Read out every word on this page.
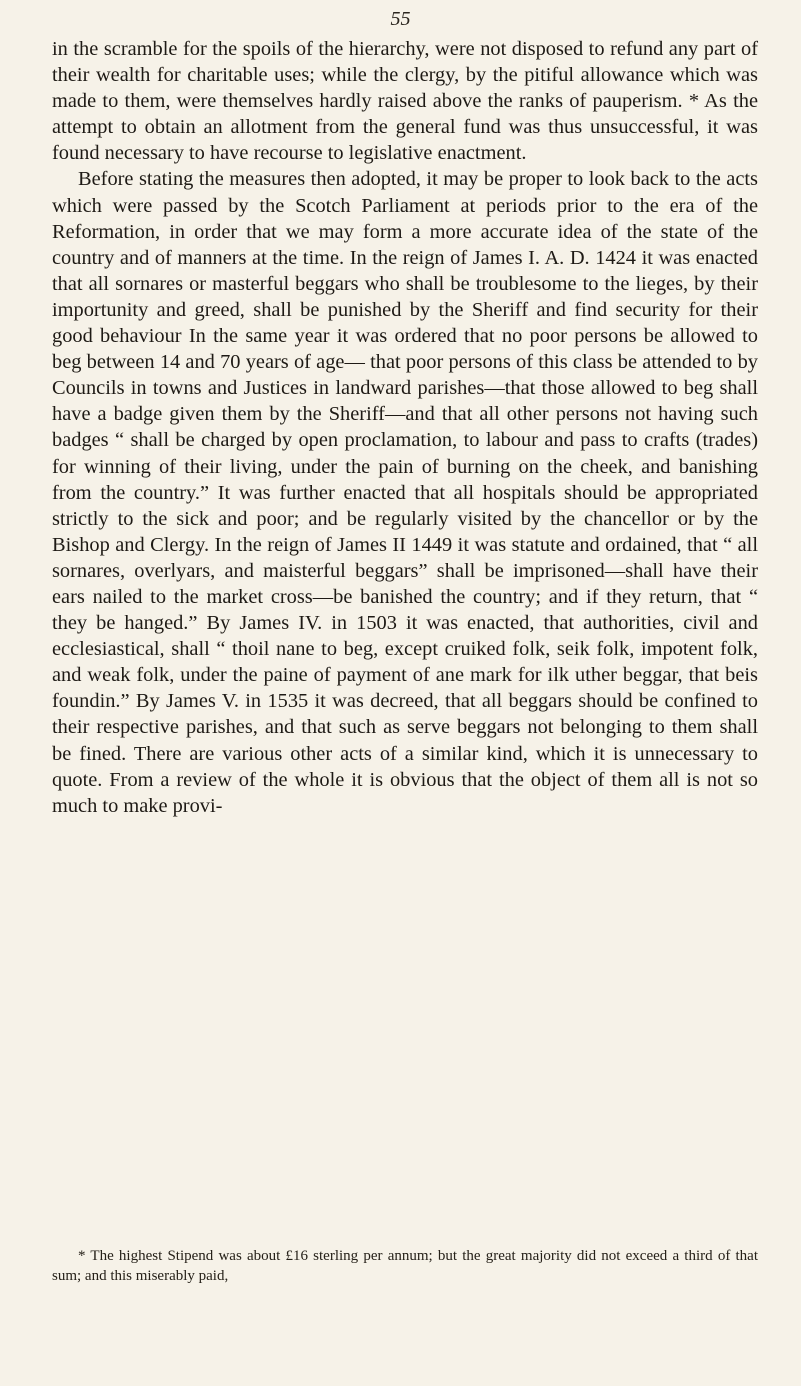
55

in the scramble for the spoils of the hierarchy, were not disposed to refund any part of their wealth for charitable uses; while the clergy, by the pitiful allowance which was made to them, were themselves hardly raised above the ranks of pauperism. * As the attempt to obtain an allotment from the general fund was thus unsuccessful, it was found necessary to have recourse to legislative enactment.

Before stating the measures then adopted, it may be proper to look back to the acts which were passed by the Scotch Parliament at periods prior to the era of the Reformation, in order that we may form a more accurate idea of the state of the country and of manners at the time. In the reign of James I. A. D. 1424 it was enacted that all sornares or masterful beggars who shall be troublesome to the lieges, by their importunity and greed, shall be punished by the Sheriff and find security for their good behaviour In the same year it was ordered that no poor persons be allowed to beg between 14 and 70 years of age— that poor persons of this class be attended to by Councils in towns and Justices in landward parishes—that those allowed to beg shall have a badge given them by the Sheriff—and that all other persons not having such badges “ shall be charged by open proclamation, to labour and pass to crafts (trades) for winning of their living, under the pain of burning on the cheek, and banishing from the country.” It was further enacted that all hospitals should be appropriated strictly to the sick and poor; and be regularly visited by the chancellor or by the Bishop and Clergy. In the reign of James II 1449 it was statute and ordained, that “ all sornares, overlyars, and maisterful beggars” shall be imprisoned—shall have their ears nailed to the market cross—be banished the country; and if they return, that “ they be hanged.” By James IV. in 1503 it was enacted, that authorities, civil and ecclesiastical, shall “ thoil nane to beg, except cruiked folk, seik folk, impotent folk, and weak folk, under the paine of payment of ane mark for ilk uther beggar, that beis foundin.” By James V. in 1535 it was decreed, that all beggars should be confined to their respective parishes, and that such as serve beggars not belonging to them shall be fined. There are various other acts of a similar kind, which it is unnecessary to quote. From a review of the whole it is obvious that the object of them all is not so much to make provi-

* The highest Stipend was about £16 sterling per annum; but the great majority did not exceed a third of that sum; and this miserably paid,
